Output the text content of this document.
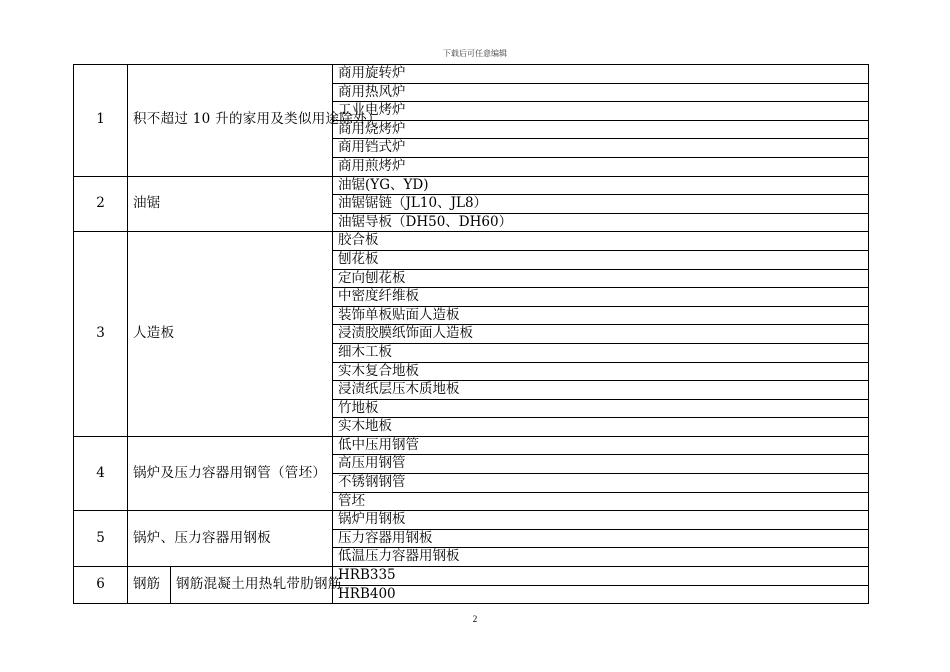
下载后可任意编辑
1	积不超过 10 升的家用及类似用途除外）		商用旋转炉
			商用热风炉
			工业电烤炉
			商用烧烤炉
			商用铛式炉
			商用煎烤炉
2	油锯		油锯(YG、YD)
			油锯锯链（JL10、JL8）
			油锯导板（DH50、DH60）
3	人造板		胶合板
			刨花板
			定向刨花板
			中密度纤维板
			装饰单板贴面人造板
			浸渍胶膜纸饰面人造板
			细木工板
			实木复合地板
			浸渍纸层压木质地板
			竹地板
			实木地板
4	锅炉及压力容器用钢管（管坯）		低中压用钢管
			高压用钢管
			不锈钢钢管
			管坯
5	锅炉、压力容器用钢板		锅炉用钢板
			压力容器用钢板
			低温压力容器用钢板
6	钢筋	钢筋混凝土用热轧带肋钢筋	HRB335
			HRB400
2
